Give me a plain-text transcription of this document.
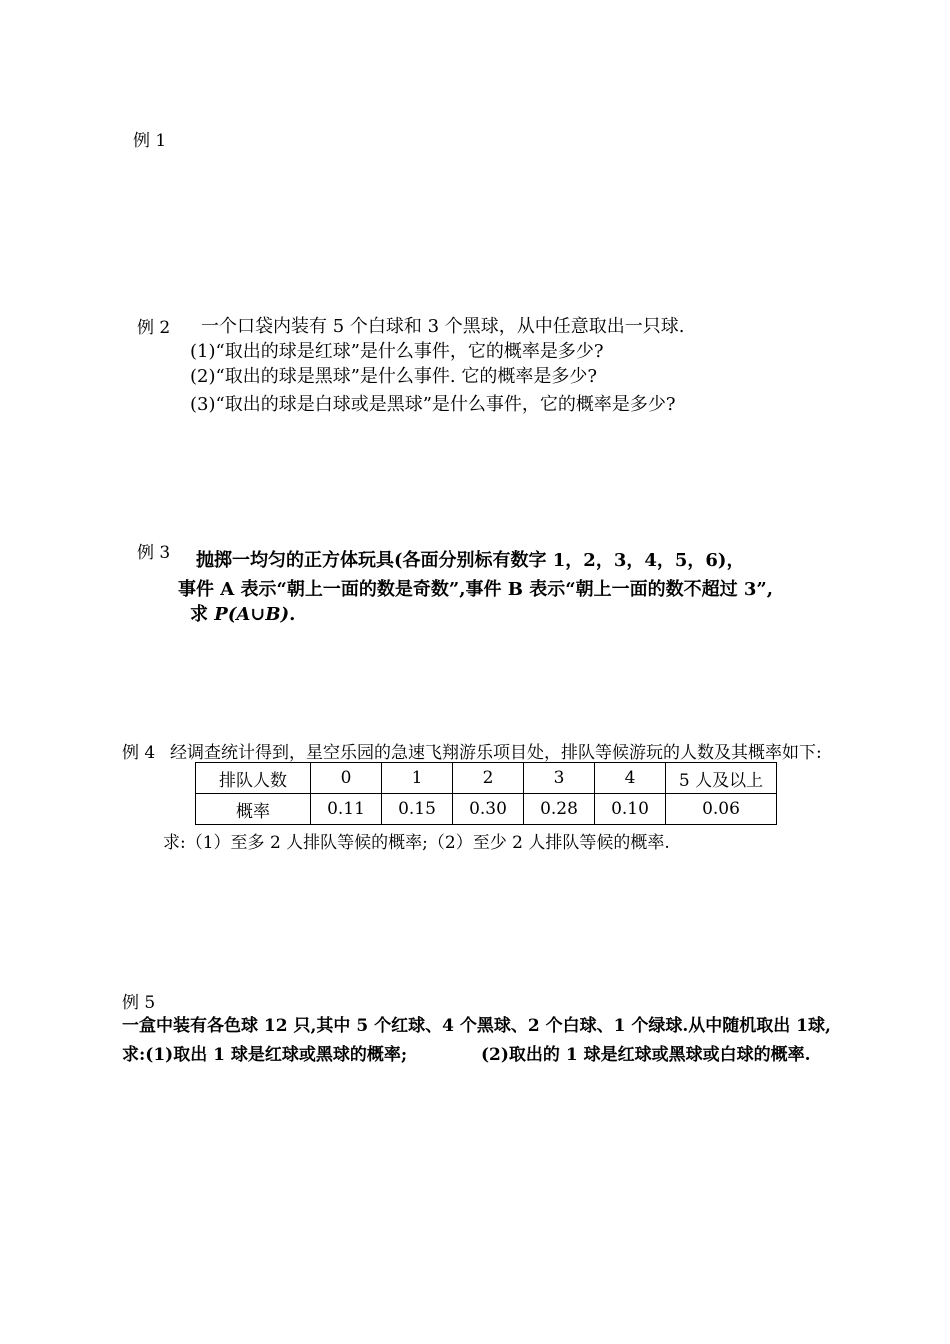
例 1
例 2 一个口袋内装有 5 个白球和 3 个黑球，从中任意取出一只球.
(1)“取出的球是红球”是什么事件，它的概率是多少?
(2)“取出的球是黑球”是什么事件. 它的概率是多少?
(3)“取出的球是白球或是黑球”是什么事件，它的概率是多少?
例 3 抛掷一均匀的正方体玩具(各面分别标有数字 1，2，3，4，5，6)，
事件 A 表示“朝上一面的数是奇数”,事件 B 表示“朝上一面的数不超过 3”,
求 P(A∪B).
例 4 经调查统计得到，星空乐园的急速飞翔游乐项目处，排队等候游玩的人数及其概率如下:
排队人数	0	1	2	3	4	5 人及以上
概率	0.11	0.15	0.30	0.28	0.10	0.06
求:（1）至多 2 人排队等候的概率;（2）至少 2 人排队等候的概率.
例 5
一盒中装有各色球 12 只,其中 5 个红球、4 个黑球、2 个白球、1 个绿球.从中随机取出 1球,
求:(1)取出 1 球是红球或黑球的概率;	(2)取出的 1 球是红球或黑球或白球的概率.
